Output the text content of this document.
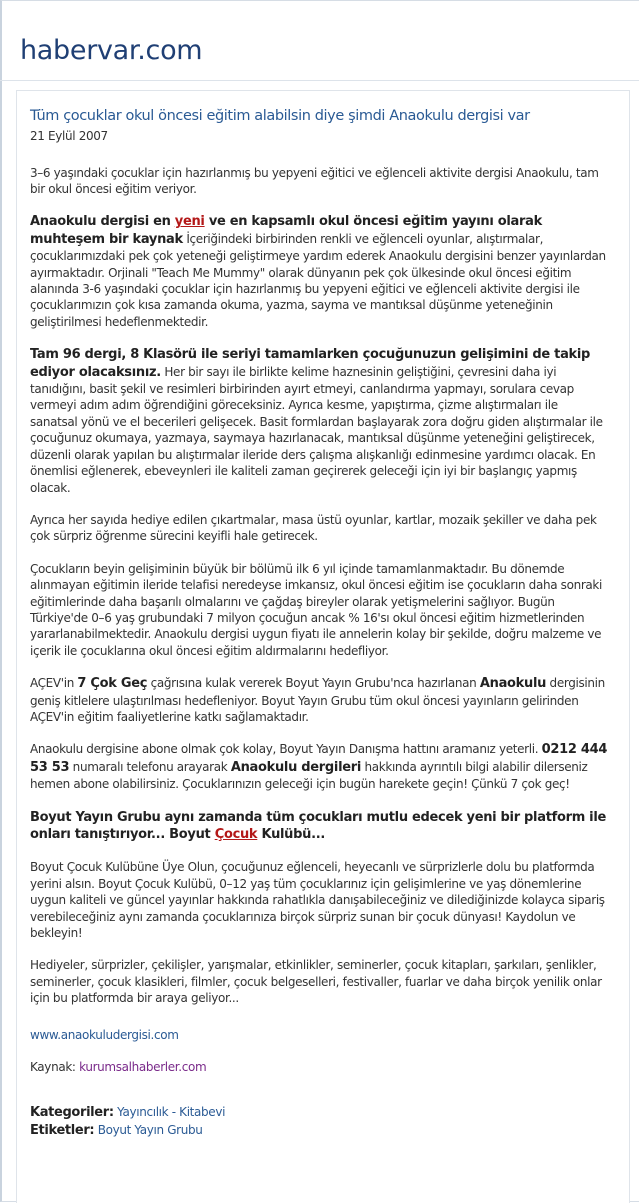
habervar.com
Tüm çocuklar okul öncesi eğitim alabilsin diye şimdi Anaokulu dergisi var
21 Eylül 2007

3–6 yaşındaki çocuklar için hazırlanmış bu yepyeni eğitici ve eğlenceli aktivite dergisi Anaokulu, tam bir okul öncesi eğitim veriyor.

Anaokulu dergisi en yeni ve en kapsamlı okul öncesi eğitim yayını olarak muhteşem bir kaynak İçeriğindeki birbirinden renkli ve eğlenceli oyunlar, alıştırmalar, çocuklarımızdaki pek çok yeteneği geliştirmeye yardım ederek Anaokulu dergisini benzer yayınlardan ayırmaktadır. Orjinali "Teach Me Mummy" olarak dünyanın pek çok ülkesinde okul öncesi eğitim alanında 3-6 yaşındaki çocuklar için hazırlanmış bu yepyeni eğitici ve eğlenceli aktivite dergisi ile çocuklarımızın çok kısa zamanda okuma, yazma, sayma ve mantıksal düşünme yeteneğinin geliştirilmesi hedeflenmektedir.

Tam 96 dergi, 8 Klasörü ile seriyi tamamlarken çocuğunuzun gelişimini de takip ediyor olacaksınız. Her bir sayı ile birlikte kelime haznesinin geliştiğini, çevresini daha iyi tanıdığını, basit şekil ve resimleri birbirinden ayırt etmeyi, canlandırma yapmayı, sorulara cevap vermeyi adım adım öğrendiğini göreceksiniz. Ayrıca kesme, yapıştırma, çizme alıştırmaları ile sanatsal yönü ve el becerileri gelişecek. Basit formlardan başlayarak zora doğru giden alıştırmalar ile çocuğunuz okumaya, yazmaya, saymaya hazırlanacak, mantıksal düşünme yeteneğini geliştirecek, düzenli olarak yapılan bu alıştırmalar ileride ders çalışma alışkanlığı edinmesine yardımcı olacak. En önemlisi eğlenerek, ebeveynleri ile kaliteli zaman geçirerek geleceği için iyi bir başlangıç yapmış olacak.

Ayrıca her sayıda hediye edilen çıkartmalar, masa üstü oyunlar, kartlar, mozaik şekiller ve daha pek çok sürpriz öğrenme sürecini keyifli hale getirecek.

Çocukların beyin gelişiminin büyük bir bölümü ilk 6 yıl içinde tamamlanmaktadır. Bu dönemde alınmayan eğitimin ileride telafisi neredeyse imkansız, okul öncesi eğitim ise çocukların daha sonraki eğitimlerinde daha başarılı olmalarını ve çağdaş bireyler olarak yetişmelerini sağlıyor. Bugün Türkiye'de 0–6 yaş grubundaki 7 milyon çocuğun ancak % 16'sı okul öncesi eğitim hizmetlerinden yararlanabilmektedir. Anaokulu dergisi uygun fiyatı ile annelerin kolay bir şekilde, doğru malzeme ve içerik ile çocuklarına okul öncesi eğitim aldırmalarını hedefliyor.

AÇEV'in 7 Çok Geç çağrısına kulak vererek Boyut Yayın Grubu'nca hazırlanan Anaokulu dergisinin geniş kitlelere ulaştırılması hedefleniyor. Boyut Yayın Grubu tüm okul öncesi yayınların gelirinden AÇEV'in eğitim faaliyetlerine katkı sağlamaktadır.

Anaokulu dergisine abone olmak çok kolay, Boyut Yayın Danışma hattını aramanız yeterli. 0212 444 53 53 numaralı telefonu arayarak Anaokulu dergileri hakkında ayrıntılı bilgi alabilir dilerseniz hemen abone olabilirsiniz. Çocuklarınızın geleceği için bugün harekete geçin! Çünkü 7 çok geç!

Boyut Yayın Grubu aynı zamanda tüm çocukları mutlu edecek yeni bir platform ile onları tanıştırıyor... Boyut Çocuk Kulübü...

Boyut Çocuk Kulübüne Üye Olun, çocuğunuz eğlenceli, heyecanlı ve sürprizlerle dolu bu platformda yerini alsın. Boyut Çocuk Kulübü, 0–12 yaş tüm çocuklarınız için gelişimlerine ve yaş dönemlerine uygun kaliteli ve güncel yayınlar hakkında rahatlıkla danışabileceğiniz ve dilediğinizde kolayca sipariş verebileceğiniz aynı zamanda çocuklarınıza birçok sürpriz sunan bir çocuk dünyası! Kaydolun ve bekleyin!

Hediyeler, sürprizler, çekilişler, yarışmalar, etkinlikler, seminerler, çocuk kitapları, şarkıları, şenlikler, seminerler, çocuk klasikleri, filmler, çocuk belgeselleri, festivaller, fuarlar ve daha birçok yenilik onlar için bu platformda bir araya geliyor...

www.anaokuludergisi.com

Kaynak: kurumsalhaberler.com

Kategoriler: Yayıncılık - Kitabevi

Etiketler: Boyut Yayın Grubu
